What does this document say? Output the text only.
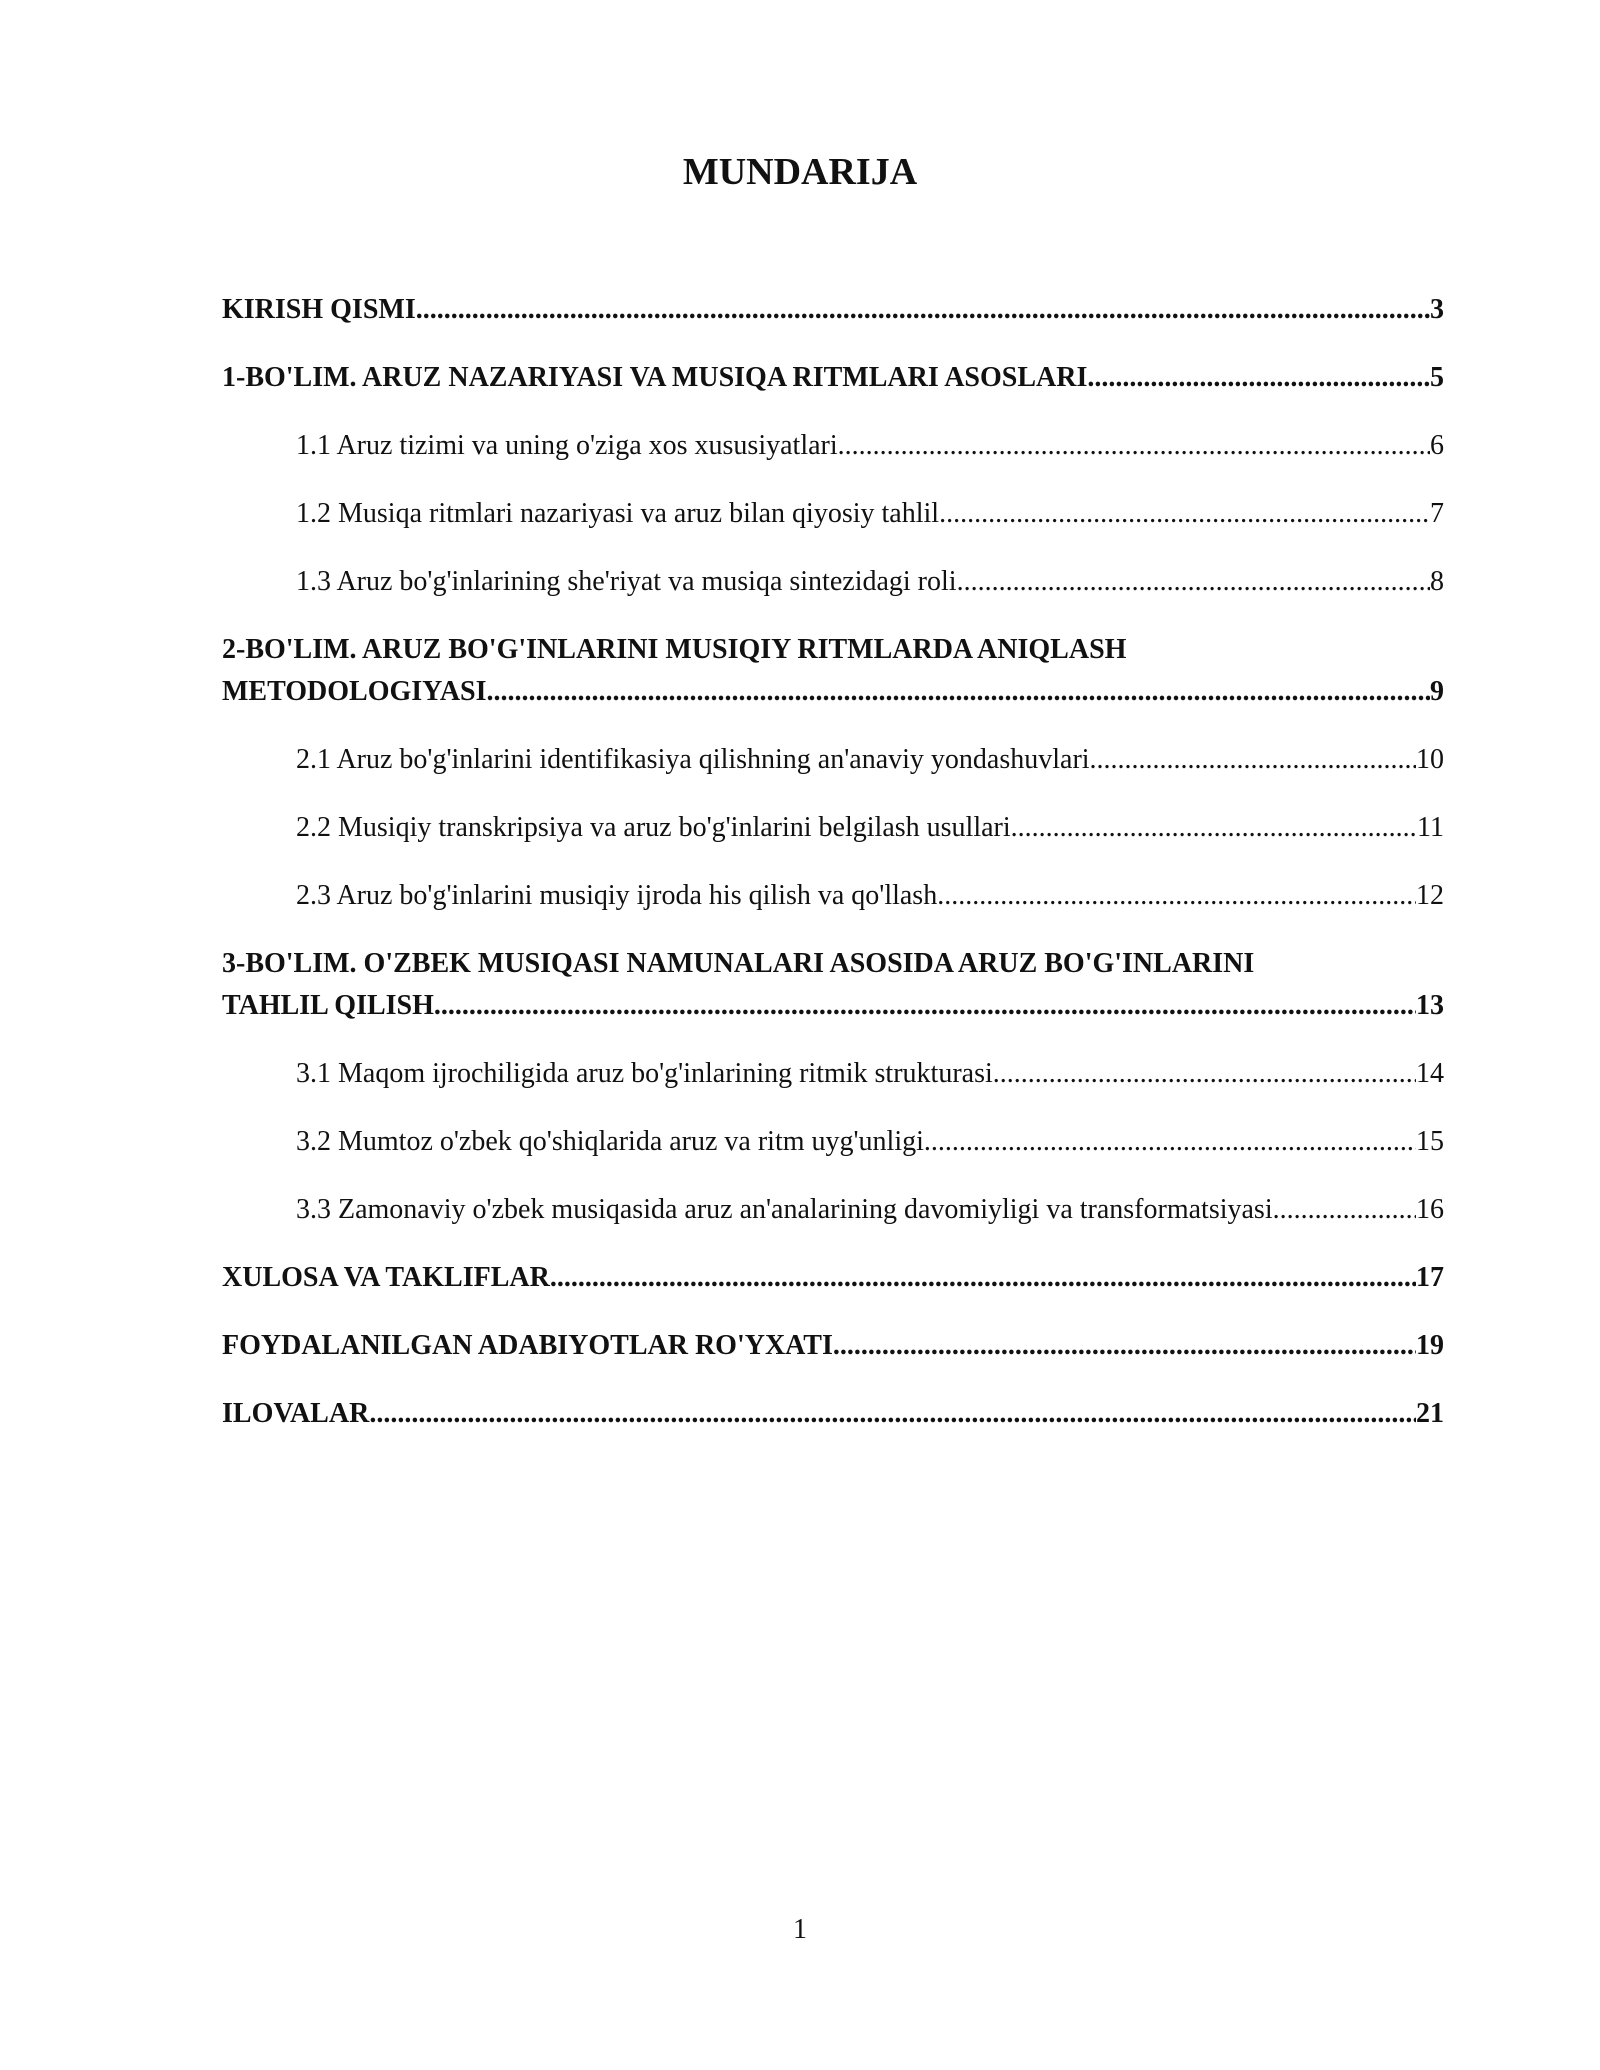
MUNDARIJA
KIRISH QISMI .....	3
1-BO'LIM. ARUZ NAZARIYASI VA MUSIQA RITMLARI ASOSLARI .....	5
1.1 Aruz tizimi va uning o'ziga xos xususiyatlari .....	6
1.2 Musiqa ritmlari nazariyasi va aruz bilan qiyosiy tahlil .....	7
1.3 Aruz bo'g'inlarining she'riyat va musiqa sintezidagi roli .....	8
2-BO'LIM. ARUZ BO'G'INLARINI MUSIQIY RITMLARDA ANIQLASH
METODOLOGIYASI .....	9
2.1 Aruz bo'g'inlarini identifikasiya qilishning an'anaviy yondashuvlari .....	10
2.2 Musiqiy transkripsiya va aruz bo'g'inlarini belgilash usullari .....	11
2.3 Aruz bo'g'inlarini musiqiy ijroda his qilish va qo'llash .....	12
3-BO'LIM. O'ZBEK MUSIQASI NAMUNALARI ASOSIDA ARUZ BO'G'INLARINI
TAHLIL QILISH .....	13
3.1 Maqom ijrochiligida aruz bo'g'inlarining ritmik strukturasi .....	14
3.2 Mumtoz o'zbek qo'shiqlarida aruz va ritm uyg'unligi .....	15
3.3 Zamonaviy o'zbek musiqasida aruz an'analarining davomiyligi va transformatsiyasi .....	16
XULOSA VA TAKLIFLAR .....	17
FOYDALANILGAN ADABIYOTLAR RO'YXATI .....	19
ILOVALAR .....	21
1
